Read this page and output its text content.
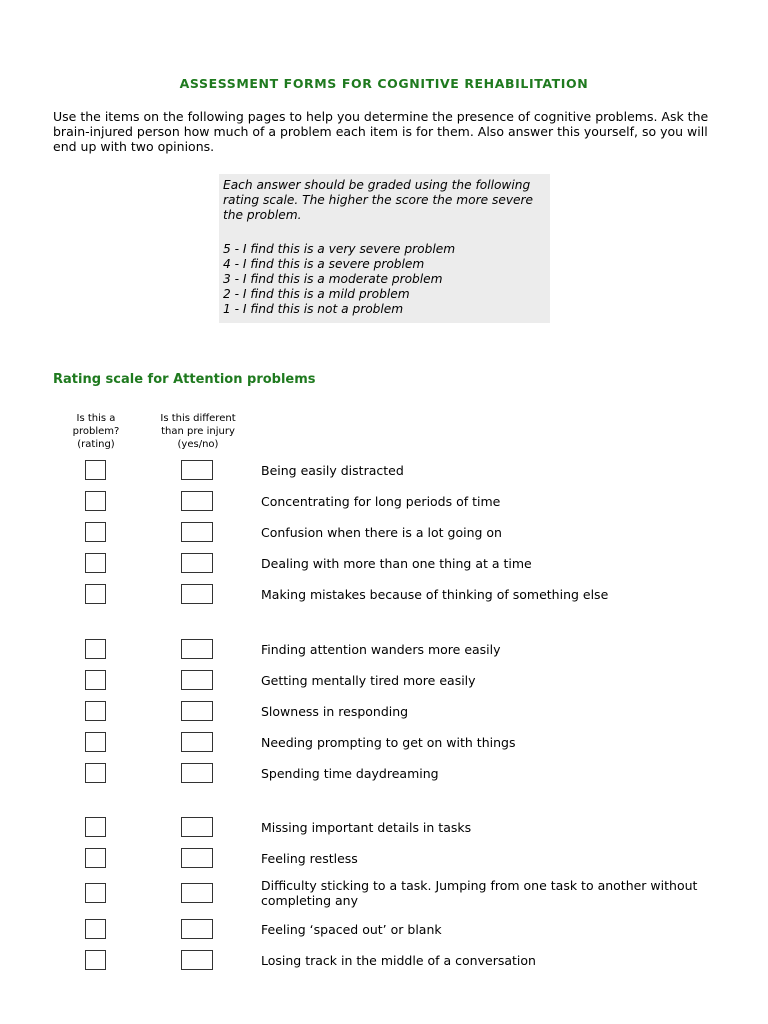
ASSESSMENT FORMS FOR COGNITIVE REHABILITATION
Use the items on the following pages to help you determine the presence of cognitive problems. Ask the brain-injured person how much of a problem each item is for them. Also answer this yourself, so you will end up with two opinions.
Each answer should be graded using the following rating scale. The higher the score the more severe the problem.
5 - I find this is a very severe problem
4 - I find this is a severe problem
3 - I find this is a moderate problem
2 - I find this is a mild problem
1 - I find this is not a problem
Rating scale for Attention problems
Is this a
problem?
(rating)
Is this different
than pre injury
(yes/no)
Being easily distracted
Concentrating for long periods of time
Confusion when there is a lot going on
Dealing with more than one thing at a time
Making mistakes because of thinking of something else
Finding attention wanders more easily
Getting mentally tired more easily
Slowness in responding
Needing prompting to get on with things
Spending time daydreaming
Missing important details in tasks
Feeling restless
Difficulty sticking to a task. Jumping from one task to another without completing any
Feeling ‘spaced out’ or blank
Losing track in the middle of a conversation
